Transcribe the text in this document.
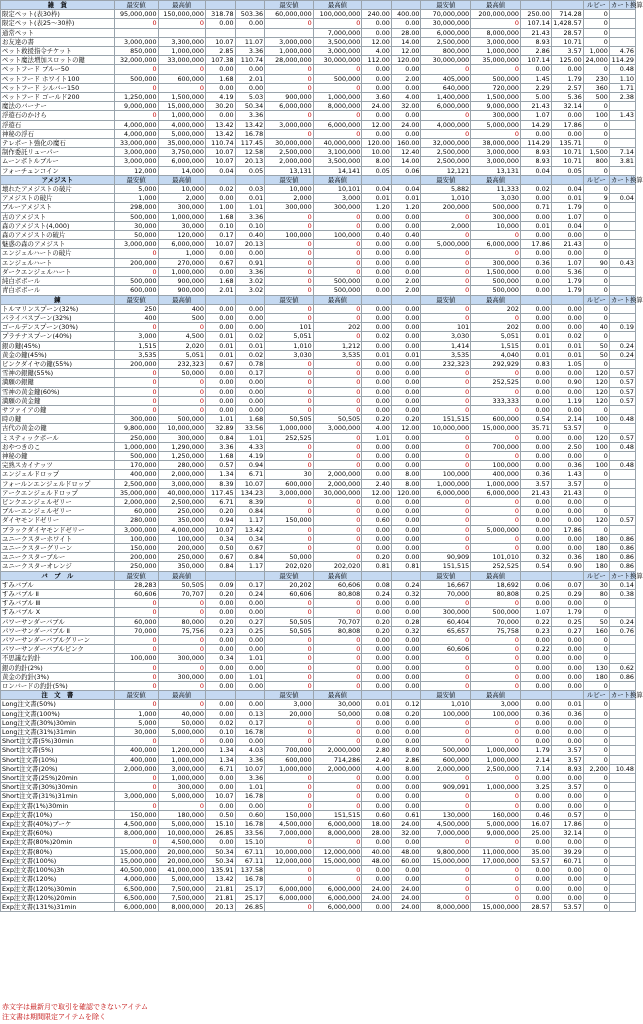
雑　貨	最安値	最高値			最安値	最高値			最安値	最高値			ルピー	カート換算
限定ペット(表30枠)	95,000,000	150,000,000	318.78	503.36	60,000,000	100,000,000	240.00	400.00	70,000,000	200,000,000	250.00	714.28	0	
限定ペット(表25～30枠)	0	0	0.00	0.00	0	0	0.00	0.00	30,000,000	0	107.14	1,428.57	0	
通常ペット						7,000,000	0.00	28.00	6,000,000	8,000,000	21.43	28.57	0	
お友達の書	3,000,000	3,300,000	10.07	11.07	3,000,000	3,500,000	12.00	14.00	2,500,000	3,000,000	8.93	10.71	0	
ペット救援指令チケット	850,000	1,000,000	2.85	3.36	1,000,000	3,000,000	4.00	12.00	800,000	1,000,000	2.86	3.57	1,000	4.76
ペット魔法増加スロットの鍵	32,000,000	33,000,000	107.38	110.74	28,000,000	30,000,000	112.00	120.00	30,000,000	35,000,000	107.14	125.00	24,000	114.29
ペットフード ブルー50	0	0	0.00	0.00	0	0	0.00	0.00	0	0	0.00	0.00	0	0.48
ペットフード ホワイト100	500,000	600,000	1.68	2.01	0	500,000	0.00	2.00	405,000	500,000	1.45	1.79	230	1.10
ペットフード シルバー150	0	0	0.00	0.00	0	0	0.00	0.00	640,000	720,000	2.29	2.57	360	1.71
ペットフード ゴールド200	1,250,000	1,500,000	4.19	5.03	900,000	1,000,000	3.60	4.00	1,400,000	1,500,000	5.00	5.36	500	2.38
魔法のバーナー	9,000,000	15,000,000	30.20	50.34	6,000,000	8,000,000	24.00	32.00	6,000,000	9,000,000	21.43	32.14	0	
浮遊石のかけら	0	1,000,000	0.00	3.36	0	0	0.00	0.00	0	300,000	1.07	0.00	100	1.43
浮遊石	4,000,000	4,000,000	13.42	13.42	3,000,000	6,000,000	12.00	24.00	4,000,000	5,000,000	14.29	17.86	0	
神秘の浮石	4,000,000	5,000,000	13.42	16.78	0	0	0.00	0.00	0	0	0.00	0.00	0	
テレポート強化の魔石	33,000,000	35,000,000	110.74	117.45	30,000,000	40,000,000	120.00	160.00	32,000,000	38,000,000	114.29	135.71	0	
制作委託リューパー	3,000,000	3,750,000	10.07	12.58	2,500,000	3,100,000	10.00	12.40	2,500,000	3,000,000	8.93	10.71	1,500	7.14
ムーンボトルブルー	3,000,000	6,000,000	10.07	20.13	2,000,000	3,500,000	8.00	14.00	2,500,000	3,000,000	8.93	10.71	800	3.81
フォーチュンコイン	12,000	14,000	0.04	0.05	13,131	14,141	0.05	0.06	12,121	13,131	0.04	0.05	0	
アメジスト	最安値	最高値			最安値	最高値			最安値	最高値			ルピー	カート換算
壊れたアメジストの破片	5,000	10,000	0.02	0.03	10,000	10,101	0.04	0.04	5,882	11,333	0.02	0.04	0	
アメジストの破片	1,000	2,000	0.00	0.01	2,000	3,000	0.01	0.01	1,010	3,030	0.00	0.01	9	0.04
ブルーアメジスト	298,000	300,000	1.00	1.01	300,000	300,000	1.20	1.20	200,000	500,000	0.71	1.79	0	
古のアメジスト	500,000	1,000,000	1.68	3.36	0	0	0.00	0.00	0	300,000	0.00	1.07	0	
森のアメジスト(4,000)	30,000	30,000	0.10	0.10	0	0	0.00	0.00	2,000	10,000	0.01	0.04	0	
森のアメジストの破片	50,000	120,000	0.17	0.40	100,000	100,000	0.40	0.40	0	0	0.00	0.00	0	
魅惑の森のアメジスト	3,000,000	6,000,000	10.07	20.13	0	0	0.00	0.00	5,000,000	6,000,000	17.86	21.43	0	
エンジェルハートの破片	0	1,000	0.00	0.00	0	0	0.00	0.00	0	0	0.00	0.00	0	
エンジェルハート	200,000	270,000	0.67	0.91	0	0	0.00	0.00	0	300,000	0.36	1.07	90	0.43
ダークエンジェルハート	0	1,000,000	0.00	3.36	0	0	0.00	0.00	0	1,500,000	0.00	5.36	0	
純白ボボール	500,000	900,000	1.68	3.02	0	500,000	0.00	2.00	0	500,000	0.00	1.79	0	
青白ボボール	600,000	900,000	2.01	3.02	0	500,000	0.00	2.00	0	500,000	0.00	1.79	0	
錬	最安値	最高値			最安値	最高値			最安値	最高値			ルピー	カート換算
トルマリンスプーン(32%)	250	400	0.00	0.00	0	0	0.00	0.00	0	202	0.00	0.00	0	
パライバスプーン(32%)	400	500	0.00	0.00	0	0	0.00	0.00	0	0	0.00	0.00	0	
ゴールデンスプーン(30%)	0	0	0.00	0.00	101	202	0.00	0.00	101	202	0.00	0.00	40	0.19
プラチナスプーン(40%)	3,000	4,500	0.01	0.02	5,051	0	0.02	0.00	3,030	5,051	0.01	0.02	0	
銀の鍵(45%)	1,515	2,020	0.01	0.01	1,010	1,212	0.00	0.00	1,414	1,515	0.01	0.01	50	0.24
黄金の鍵(45%)	3,535	5,051	0.01	0.02	3,030	3,535	0.01	0.01	3,535	4,040	0.01	0.01	50	0.24
ピンクダイヤの鍵(55%)	200,000	232,323	0.67	0.78	0	0	0.00	0.00	232,323	292,929	0.83	1.05	0	
雪神の銀鍵(55%)	0	50,000	0.00	0.17	0	0	0.00	0.00	0	0	0.00	0.00	120	0.57
満願の銀鍵	0	0	0.00	0.00	0	0	0.00	0.00	0	252,525	0.00	0.90	120	0.57
雪神の黄金鍵(60%)	0	0	0.00	0.00	0	0	0.00	0.00	0	0	0.00	0.00	120	0.57
満願の黄金鍵	0	0	0.00	0.00	0	0	0.00	0.00	0	333,333	0.00	1.19	120	0.57
サファイアの鍵	0	0	0.00	0.00	0	0	0.00	0.00	0	0	0.00	0.00	0	
時の鍵	300,000	500,000	1.01	1.68	50,505	50,505	0.20	0.20	151,515	600,000	0.54	2.14	100	0.48
古代の黄金の鍵	9,800,000	10,000,000	32.89	33.56	1,000,000	3,000,000	4.00	12.00	10,000,000	15,000,000	35.71	53.57	0	
ミスティックボール	250,000	300,000	0.84	1.01	252,525	0	1.01	0.00	0	0	0.00	0.00	120	0.57
おやつきのこ	1,000,000	1,290,000	3.36	4.33	0	0	0.00	0.00	0	700,000	0.00	2.50	100	0.48
神秘の鍵	500,000	1,250,000	1.68	4.19	0	0	0.00	0.00	0	0	0.00	0.00	0	
完熟スカイナッツ	170,000	280,000	0.57	0.94	0	0	0.00	0.00	0	100,000	0.00	0.36	100	0.48
エンジェルドロップ	400,000	2,000,000	1.34	6.71	30	2,000,000	0.00	8.00	100,000	400,000	0.36	1.43	0	
フォールンエンジェルドロップ	2,500,000	3,000,000	8.39	10.07	600,000	2,000,000	2.40	8.00	1,000,000	1,000,000	3.57	3.57	0	
アークエンジェルドロップ	35,000,000	40,000,000	117.45	134.23	3,000,000	30,000,000	12.00	120.00	6,000,000	6,000,000	21.43	21.43	0	
ピンクエンジェルゼリー	2,000,000	2,500,000	6.71	8.39	0	0	0.00	0.00	0	0	0.00	0.00	0	
ブルーエンジェルゼリー	60,000	250,000	0.20	0.84	0	0	0.00	0.00	0	0	0.00	0.00	0	
ダイヤモンドゼリー	280,000	350,000	0.94	1.17	150,000	0	0.60	0.00	0	0	0.00	0.00	120	0.57
ブラックダイヤモンドゼリー	3,000,000	4,000,000	10.07	13.42	0	0	0.00	0.00	0	5,000,000	0.00	17.86	0	
ユニークスターホワイト	100,000	100,000	0.34	0.34	0	0	0.00	0.00	0	0	0.00	0.00	180	0.86
ユニークスターグリーン	150,000	200,000	0.50	0.67	0	0	0.00	0.00	0	0	0.00	0.00	180	0.86
ユニークスターブルー	200,000	250,000	0.67	0.84	50,000	0	0.20	0.00	90,909	101,010	0.32	0.36	180	0.86
ユニークスターオレンジ	250,000	350,000	0.84	1.17	202,020	202,020	0.81	0.81	151,515	252,525	0.54	0.90	180	0.86
バ　ブ　ル	最安値	最高値			最安値	最高値			最安値	最高値			ルピー	カート換算
すみバブル	28,283	50,505	0.09	0.17	20,202	60,606	0.08	0.24	16,667	18,692	0.06	0.07	30	0.14
すみバブル Ⅱ	60,606	70,707	0.20	0.24	60,606	80,808	0.24	0.32	70,000	80,808	0.25	0.29	80	0.38
すみバブル Ⅲ	0	0	0.00	0.00	0	0	0.00	0.00	0	0	0.00	0.00	0	
すみバブル Ⅹ	0	0	0.00	0.00	0	0	0.00	0.00	300,000	500,000	1.07	1.79	0	
パワーサンダーバブル	60,000	80,000	0.20	0.27	50,505	70,707	0.20	0.28	60,404	70,000	0.22	0.25	50	0.24
パワーサンダーバブル Ⅱ	70,000	75,756	0.23	0.25	50,505	80,808	0.20	0.32	65,657	75,758	0.23	0.27	160	0.76
パワーサンダーバブルグリーン	0	0	0.00	0.00	0	0	0.00	0.00	0	0	0.00	0.00	0	
パワーサンダーバブルピンク	0	0	0.00	0.00	0	0	0.00	0.00	60,606	0	0.22	0.00	0	
不思議な釣針	100,000	300,000	0.34	1.01	0	0	0.00	0.00	0	0	0.00	0.00	0	
銀の釣針(2%)	0	0	0.00	0.00	0	0	0.00	0.00	0	0	0.00	0.00	130	0.62
黄金の釣針(3%)	0	300,000	0.00	1.01	0	0	0.00	0.00	0	0	0.00	0.00	180	0.86
ロンバードの釣針(5%)	0	0	0.00	0.00	0	0	0.00	0.00	0	0	0.00	0.00	0	
注　文　書	最安値	最高値			最安値	最高値			最安値	最高値			ルピー	カート換算
Long注文書(50%)	0	0	0.00	0.00	3,000	30,000	0.01	0.12	1,010	3,000	0.00	0.01	0	
Long注文書(100%)	1,000	40,000	0.00	0.13	20,000	50,000	0.08	0.20	100,000	100,000	0.36	0.36	0	
Long注文書(30%)30min	5,000	50,000	0.02	0.17	0	0	0.00	0.00	0	0	0.00	0.00	0	
Long注文書(31%)31min	30,000	5,000,000	0.10	16.78	0	0	0.00	0.00	0	0	0.00	0.00	0	
Short注文書(5%)30min	0	0	0.00	0.00	0	0	0.00	0.00	0	0	0.00	0.00	0	
Short注文書(5%)	400,000	1,200,000	1.34	4.03	700,000	2,000,000	2.80	8.00	500,000	1,000,000	1.79	3.57	0	
Short注文書(10%)	400,000	1,000,000	1.34	3.36	600,000	714,286	2.40	2.86	600,000	1,000,000	2.14	3.57	0	
Short注文書(20%)	2,000,000	3,000,000	6.71	10.07	1,000,000	2,000,000	4.00	8.00	2,000,000	2,500,000	7.14	8.93	2,200	10.48
Short注文書(25%)20min	0	1,000,000	0.00	3.36	0	0	0.00	0.00	0	0	0.00	0.00	0	
Short注文書(30%)30min	0	300,000	0.00	1.01	0	0	0.00	0.00	909,091	1,000,000	3.25	3.57	0	
Short注文書(31%)31min	3,000,000	5,000,000	10.07	16.78	0	0	0.00	0.00	0	0	0.00	0.00	0	
Exp注文書(1%)30min	0	0	0.00	0.00	0	0	0.00	0.00	0	0	0.00	0.00	0	
Exp注文書(10%)	150,000	180,000	0.50	0.60	150,000	151,515	0.60	0.61	130,000	160,000	0.46	0.57	0	
Exp注文書(40%)ブーケ	4,500,000	5,000,000	15.10	16.78	4,500,000	6,000,000	18.00	24.00	4,500,000	5,000,000	16.07	17.86	0	
Exp注文書(60%)	8,000,000	10,000,000	26.85	33.56	7,000,000	8,000,000	28.00	32.00	7,000,000	9,000,000	25.00	32.14	0	
Exp注文書(80%)20min	0	4,500,000	0.00	15.10	0	0	0.00	0.00	0	0	0.00	0.00	0	
Exp注文書(80%)	15,000,000	20,000,000	50.34	67.11	10,000,000	12,000,000	40.00	48.00	9,800,000	11,000,000	35.00	39.29	0	
Exp注文書(100%)	15,000,000	20,000,000	50.34	67.11	12,000,000	15,000,000	48.00	60.00	15,000,000	17,000,000	53.57	60.71	0	
Exp注文書(100%)3h	40,500,000	41,000,000	135.91	137.58	0	0	0.00	0.00	0	0	0.00	0.00	0	
Exp注文書(120%)	4,000,000	5,000,000	13.42	16.78	0	0	0.00	0.00	0	0	0.00	0.00	0	
Exp注文書(120%)30min	6,500,000	7,500,000	21.81	25.17	6,000,000	6,000,000	24.00	24.00	0	0	0.00	0.00	0	
Exp注文書(120%)20min	6,500,000	7,500,000	21.81	25.17	6,000,000	6,000,000	24.00	24.00	0	0	0.00	0.00	0	
Exp注文書(131%)31min	6,000,000	8,000,000	20.13	26.85	0	6,000,000	0.00	24.00	8,000,000	15,000,000	28.57	53.57	0	
赤文字は最新月で取引を確認できないアイテム
注文書は期間限定アイテムを除く
